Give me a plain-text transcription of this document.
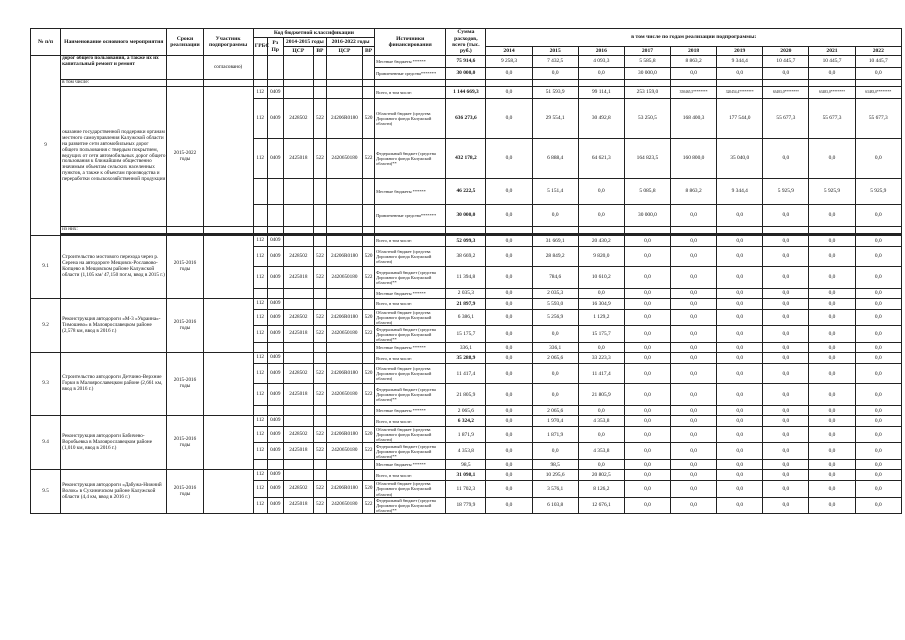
№ п/п	Наименование основного мероприятия	Сроки реализации	Участник подпрограммы	Код бюджетной классификации						Источники финансирования	Сумма расходов, всего (тыс. руб.)	в том числе по годам реализации подпрограммы:								
				ГРБС	Рз Пр	2014-2015 годы		2016-2022 годы												
						ЦСР	ВР	ЦСР	ВР			2014	2015	2016	2017	2018	2019	2020	2021	2022
9	дорог общего пользования, а также их их капитальный ремонт и ремонт		согласовано)							Местные бюджеты ******	75 914,6	9 258,3	7 432,5	4 093,3	5 585,8	8 863,2	9 344,4	10 445,7	10 445,7	10 445,7
										Привлеченные средства*******	30 000,0	0,0	0,0	0,0	30 000,0	0,0	0,0	0,0	0,0	0,0
	в том числе:																			
	оказание государственной поддержки органам местного самоуправления Калужской области на развитие сети автомобильных дорог общего пользования с твердым покрытием, ведущих от сети автомобильных дорог общего пользования к ближайшим общественно значимым объектам сельских населенных пунктов, а также к объектам производства и переработки сельскохозяйственной продукции	2015-2022 годы		112	0409					Всего, в том числе:	1 144 669,3	0,0	51 593,9	99 114,1	253 159,0	350465,5********	320454,4********	63483,0********	63483,0********	63483,0********
				112	0409	2428502	522	24206R0180	520	Областной бюджет (средства Дорожного фонда Калужской области)	636 273,6	0,0	29 554,1	30 492,8	53 250,5	168 400,3	177 544,0	55 677,3	55 677,3	55 677,3
				112	0409	2425018	522	2420650180	522	Федеральный бюджет (средства Дорожного фонда Калужской области)**	432 178,2	0,0	6 888,4	64 621,3	164 823,5	160 800,0	35 040,0	0,0	0,0	0,0
										Местные бюджеты ******	46 222,5	0,0	5 151,4	0,0	5 085,8	8 863,2	9 344,4	5 925,9	5 925,9	5 925,9
										Привлеченные средства*******	30 000,0	0,0	0,0	0,0	30 000,0	0,0	0,0	0,0	0,0	0,0
	из них:																			

9.1	Строительство мостового перехода через р. Серена на автодороге Мещовск-Рославово-Копцево в Мещовском районе Калужской области (1,105 км/ 47,150 пог.м, ввод в 2015 г.)	2015-2016 годы		112	0409					Всего, в том числе:	52 099,3	0,0	31 669,1	20 430,2	0,0	0,0	0,0	0,0	0,0	0,0
				112	0409	2428502	522	24206R0180	520	Областной бюджет (средства Дорожного фонда Калужской области)	38 669,2	0,0	28 849,2	9 820,0	0,0	0,0	0,0	0,0	0,0	0,0
				112	0409	2425018	522	2420650180	522	Федеральный бюджет (средства Дорожного фонда Калужской области)**	11 394,8	0,0	784,6	10 610,2	0,0	0,0	0,0	0,0	0,0	0,0
										Местные бюджеты ******	2 035,3	0,0	2 035,3	0,0	0,0	0,0	0,0	0,0	0,0	0,0
9.2	Реконструкция автодороги «М-3 «Украина»-Тимошево» в Малоярославецком районе (2,578 км, ввод в 2016 г.)	2015-2016 годы		112	0409					Всего, в том числе:	21 897,9	0,0	5 593,0	16 304,9	0,0	0,0	0,0	0,0	0,0	0,0
				112	0409	2428502	522	24206R0180	520	Областной бюджет (средства Дорожного фонда Калужской области)	6 386,1	0,0	5 256,9	1 129,2	0,0	0,0	0,0	0,0	0,0	0,0
				112	0409	2425018	522	2420650180	522	Федеральный бюджет (средства Дорожного фонда Калужской области)**	15 175,7	0,0	0,0	15 175,7	0,0	0,0	0,0	0,0	0,0	0,0
										Местные бюджеты ******	336,1	0,0	336,1	0,0	0,0	0,0	0,0	0,0	0,0	0,0
9.3	Строительство автодороги Детчино-Верхние Горки в Малоярославецком районе (2,661 км, ввод в 2016 г.)	2015-2016 годы		112	0409					Всего, в том числе:	35 288,9	0,0	2 065,6	33 223,3	0,0	0,0	0,0	0,0	0,0	0,0
				112	0409	2428502	522	24206R0180	520	Областной бюджет (средства Дорожного фонда Калужской области)	11 417,4	0,0	0,0	11 417,4	0,0	0,0	0,0	0,0	0,0	0,0
				112	0409	2425018	522	2420650180	522	Федеральный бюджет (средства Дорожного фонда Калужской области)**	21 805,9	0,0	0,0	21 805,9	0,0	0,0	0,0	0,0	0,0	0,0
										Местные бюджеты ******	2 065,6	0,0	2 065,6	0,0	0,0	0,0	0,0	0,0	0,0	0,0
9.4	Реконструкция автодороги Бабичево-Воробьевка в Малоярославецком районе (1,010 км, ввод в 2016 г.)	2015-2016 годы		112	0409					Всего, в том числе:	6 324,2	0,0	1 970,4	4 353,8	0,0	0,0	0,0	0,0	0,0	0,0
				112	0409	2428502	522	24206R0180	520	Областной бюджет (средства Дорожного фонда Калужской области)	1 871,9	0,0	1 871,9	0,0	0,0	0,0	0,0	0,0	0,0	0,0
				112	0409	2425018	522	2420650180	522	Федеральный бюджет (средства Дорожного фонда Калужской области)**	4 353,8	0,0	0,0	4 353,8	0,0	0,0	0,0	0,0	0,0	0,0
										Местные бюджеты ******	98,5	0,0	98,5	0,0	0,0	0,0	0,0	0,0	0,0	0,0
9.5	Реконструкция автодороги «Дабужа-Нижний Волок» в Сухиничском районе Калужской области (4,4 км, ввод в 2016 г.)	2015-2016 годы		112	0409					Всего, в том числе:	31 098,1	0,0	10 295,6	20 802,5	0,0	0,0	0,0	0,0	0,0	0,0
				112	0409	2428502	522	24206R0180	520	Областной бюджет (средства Дорожного фонда Калужской области)	11 702,3	0,0	3 576,1	8 126,2	0,0	0,0	0,0	0,0	0,0	0,0
				112	0409	2425018	522	2420650180	522	Федеральный бюджет (средства Дорожного фонда Калужской области)**	18 779,9	0,0	6 103,8	12 676,1	0,0	0,0	0,0	0,0	0,0	0,0
